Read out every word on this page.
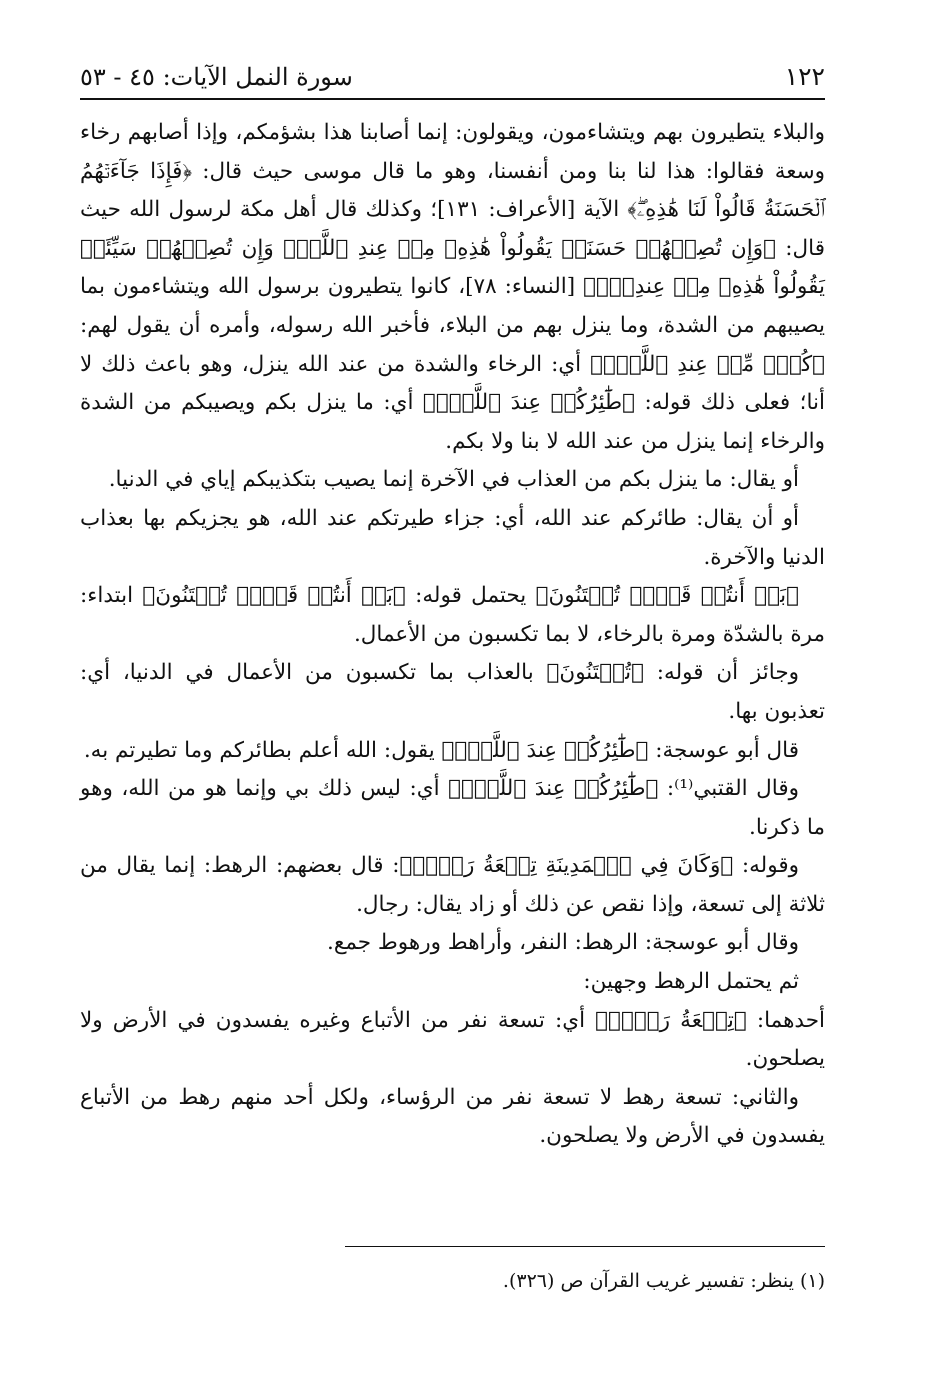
١٢٢
سورة النمل الآيات: ٤٥ - ٥٣

والبلاء يتطيرون بهم ويتشاءمون، ويقولون: إنما أصابنا هذا بشؤمكم، وإذا أصابهم رخاء وسعة فقالوا: هذا لنا بنا ومن أنفسنا، وهو ما قال موسى حيث قال: ﴿فَإِذَا جَآءَتۡهُمُ ٱلۡحَسَنَةُ قَالُواْ لَنَا هَٰذِهِۦۖ﴾ الآية [الأعراف: ١٣١]؛ وكذلك قال أهل مكة لرسول الله حيث قال: ﴿وَإِن تُصِبۡهُمۡ حَسَنَةٞ يَقُولُواْ هَٰذِهِۦ مِنۡ عِندِ ٱللَّهِۖ وَإِن تُصِبۡهُمۡ سَيِّئَةٞ يَقُولُواْ هَٰذِهِۦ مِنۡ عِندِكَۚ﴾ [النساء: ٧٨]، كانوا يتطيرون برسول الله ويتشاءمون بما يصيبهم من الشدة، وما ينزل بهم من البلاء، فأخبر الله رسوله، وأمره أن يقول لهم: ﴿كُلّٞ مِّنۡ عِندِ ٱللَّهِۖ﴾ أي: الرخاء والشدة من عند الله ينزل، وهو باعث ذلك لا أنا؛ فعلى ذلك قوله: ﴿طَٰٓئِرُكُمۡ عِندَ ٱللَّهِۖ﴾ أي: ما ينزل بكم ويصيبكم من الشدة والرخاء إنما ينزل من عند الله لا بنا ولا بكم.

أو يقال: ما ينزل بكم من العذاب في الآخرة إنما يصيب بتكذيبكم إياي في الدنيا.

أو أن يقال: طائركم عند الله، أي: جزاء طيرتكم عند الله، هو يجزيكم بها بعذاب الدنيا والآخرة.

﴿بَلۡ أَنتُمۡ قَوۡمٞ تُفۡتَنُونَ﴾ يحتمل قوله: ﴿بَلۡ أَنتُمۡ قَوۡمٞ تُفۡتَنُونَ﴾ ابتداء: مرة بالشدّة ومرة بالرخاء، لا بما تكسبون من الأعمال.

وجائز أن قوله: ﴿تُفۡتَنُونَ﴾ بالعذاب بما تكسبون من الأعمال في الدنيا، أي: تعذبون بها.

قال أبو عوسجة: ﴿طَٰٓئِرُكُمۡ عِندَ ٱللَّهِۖ﴾ يقول: الله أعلم بطائركم وما تطيرتم به.

وقال القتبي⁽¹⁾: ﴿طَٰٓئِرُكُمۡ عِندَ ٱللَّهِۖ﴾ أي: ليس ذلك بي وإنما هو من الله، وهو ما ذكرنا.

وقوله: ﴿وَكَانَ فِي ٱلۡمَدِينَةِ تِسۡعَةُ رَهۡطٖ﴾: قال بعضهم: الرهط: إنما يقال من ثلاثة إلى تسعة، وإذا نقص عن ذلك أو زاد يقال: رجال.

وقال أبو عوسجة: الرهط: النفر، وأراهط ورهوط جمع.

ثم يحتمل الرهط وجهين:

أحدهما: ﴿تِسۡعَةُ رَهۡطٖ﴾ أي: تسعة نفر من الأتباع وغيره يفسدون في الأرض ولا يصلحون.

والثاني: تسعة رهط لا تسعة نفر من الرؤساء، ولكل أحد منهم رهط من الأتباع يفسدون في الأرض ولا يصلحون.

(١) ينظر: تفسير غريب القرآن ص (٣٢٦).
